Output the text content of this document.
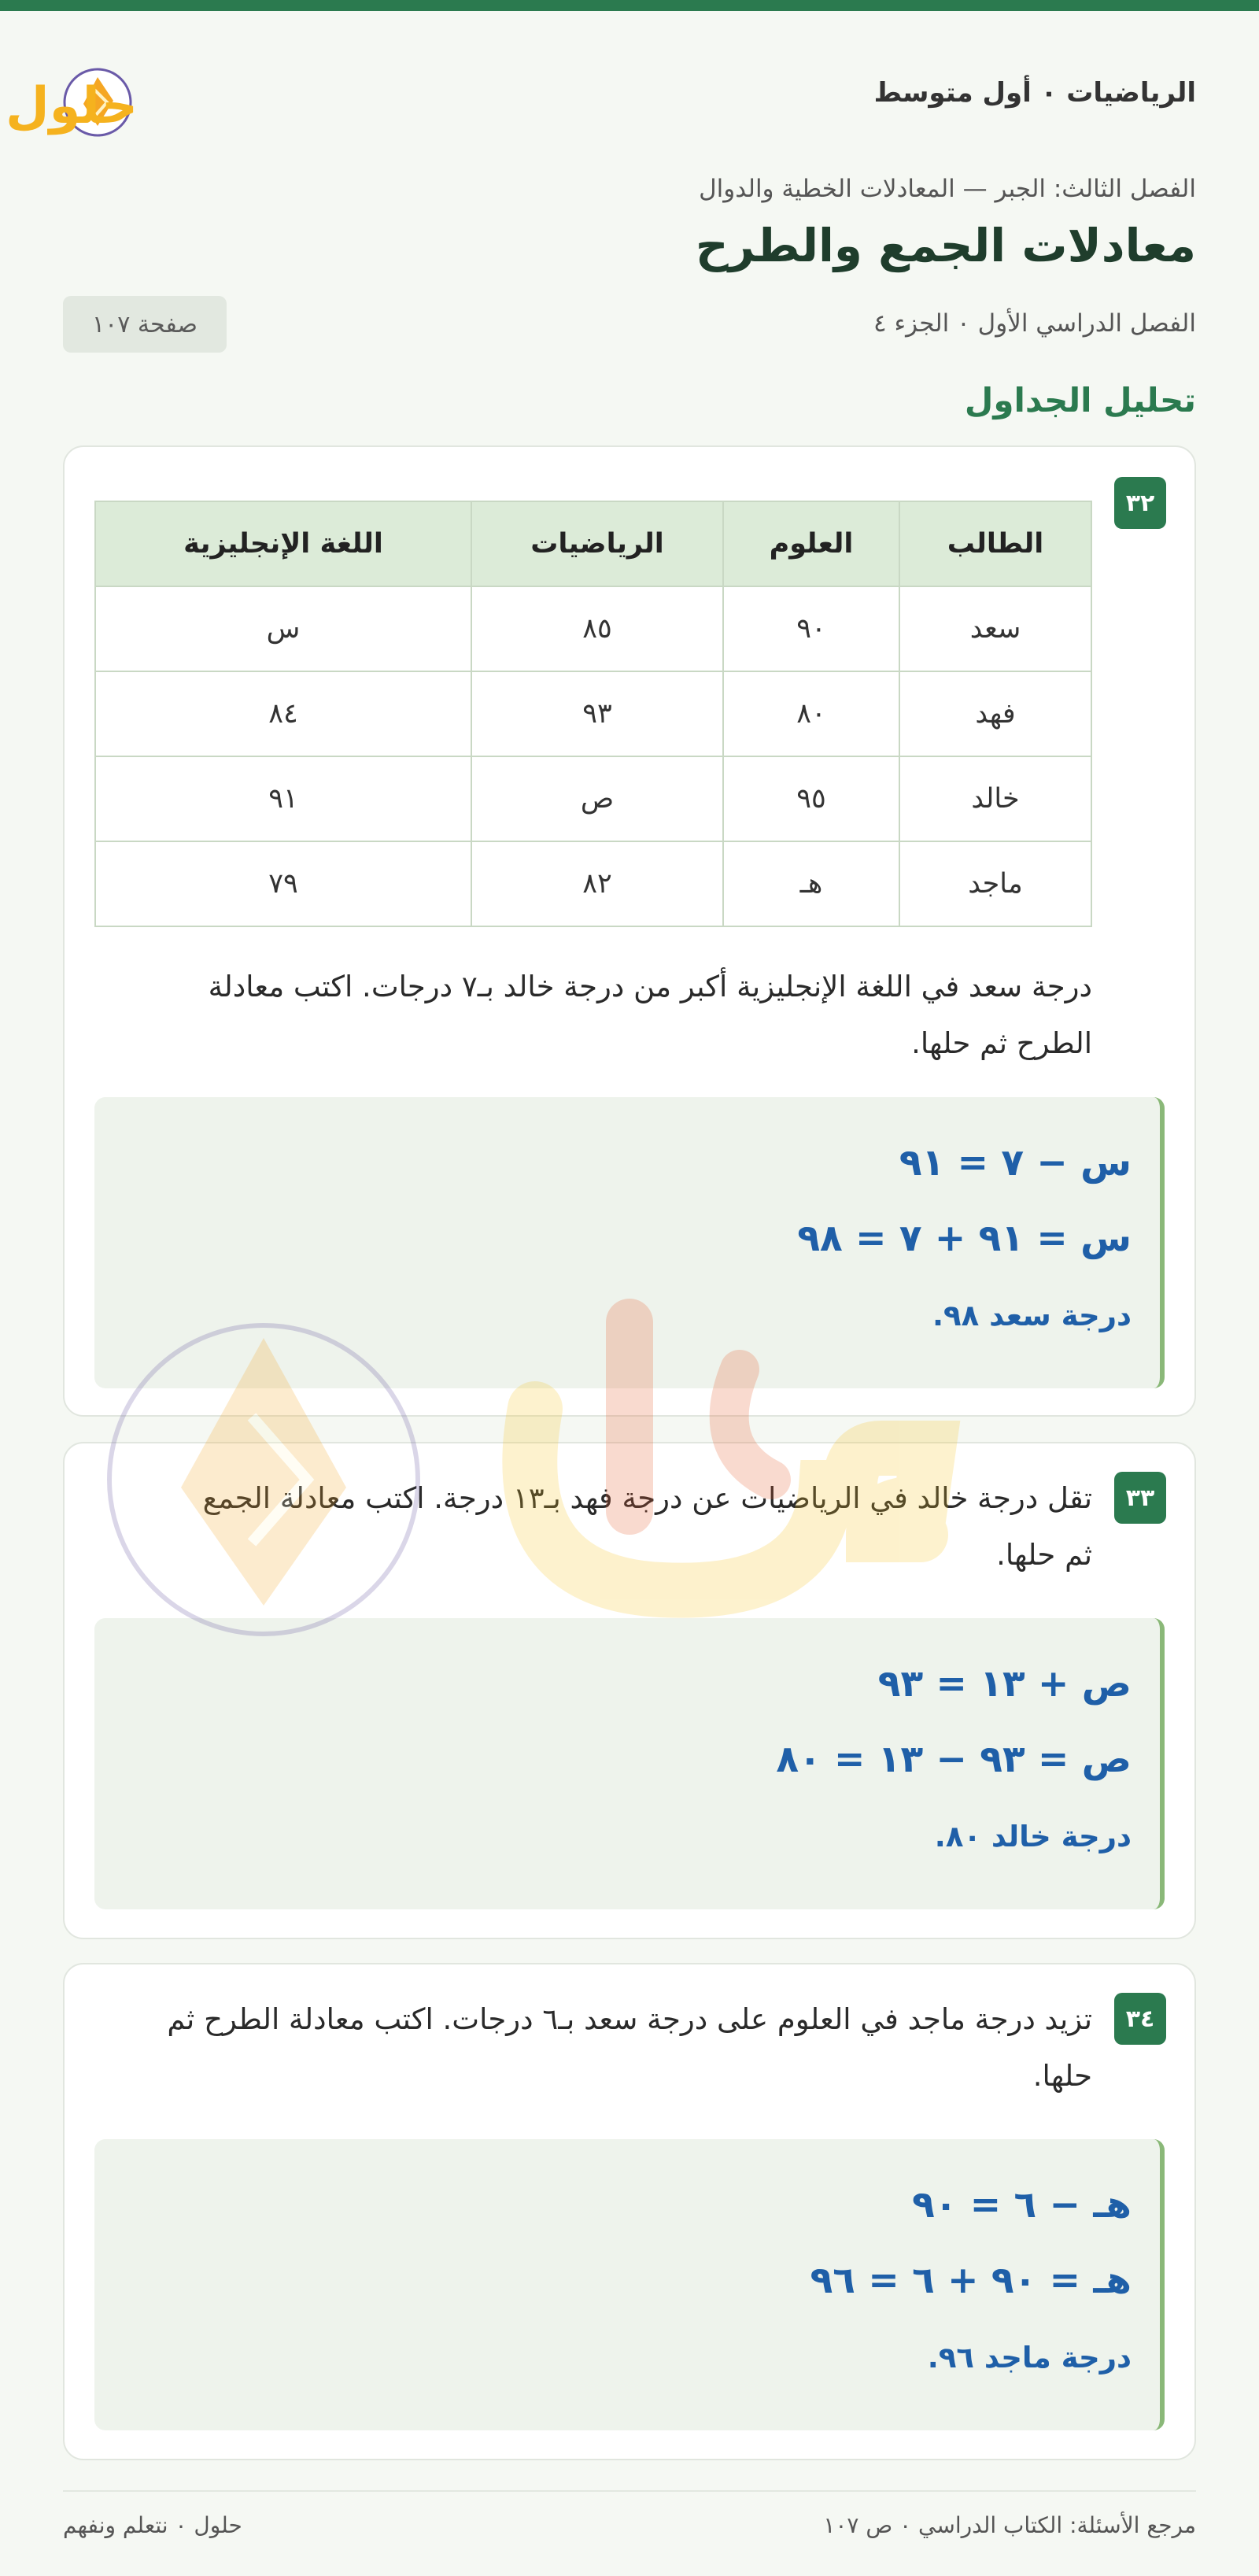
الرياضيات ٠ أول متوسط
حلول
الفصل الثالث: الجبر — المعادلات الخطية والدوال
معادلات الجمع والطرح
الفصل الدراسي الأول ٠ الجزء ٤
صفحة ١٠٧
تحليل الجداول
٣٢
الطالب	العلوم	الرياضيات	اللغة الإنجليزية
سعد	٩٠	٨٥	س
فهد	٨٠	٩٣	٨٤
خالد	٩٥	ص	٩١
ماجد	هـ	٨٢	٧٩
درجة سعد في اللغة الإنجليزية أكبر من درجة خالد بـ٧ درجات. اكتب معادلة الطرح ثم حلها.
س − ٧ = ٩١
س = ٩١ + ٧ = ٩٨
درجة سعد ٩٨.
٣٣
تقل درجة خالد في الرياضيات عن درجة فهد بـ١٣ درجة. اكتب معادلة الجمع ثم حلها.
ص + ١٣ = ٩٣
ص = ٩٣ − ١٣ = ٨٠
درجة خالد ٨٠.
٣٤
تزيد درجة ماجد في العلوم على درجة سعد بـ٦ درجات. اكتب معادلة الطرح ثم حلها.
هـ − ٦ = ٩٠
هـ = ٩٠ + ٦ = ٩٦
درجة ماجد ٩٦.
مرجع الأسئلة: الكتاب الدراسي ٠ ص ١٠٧
حلول ٠ نتعلم ونفهم
